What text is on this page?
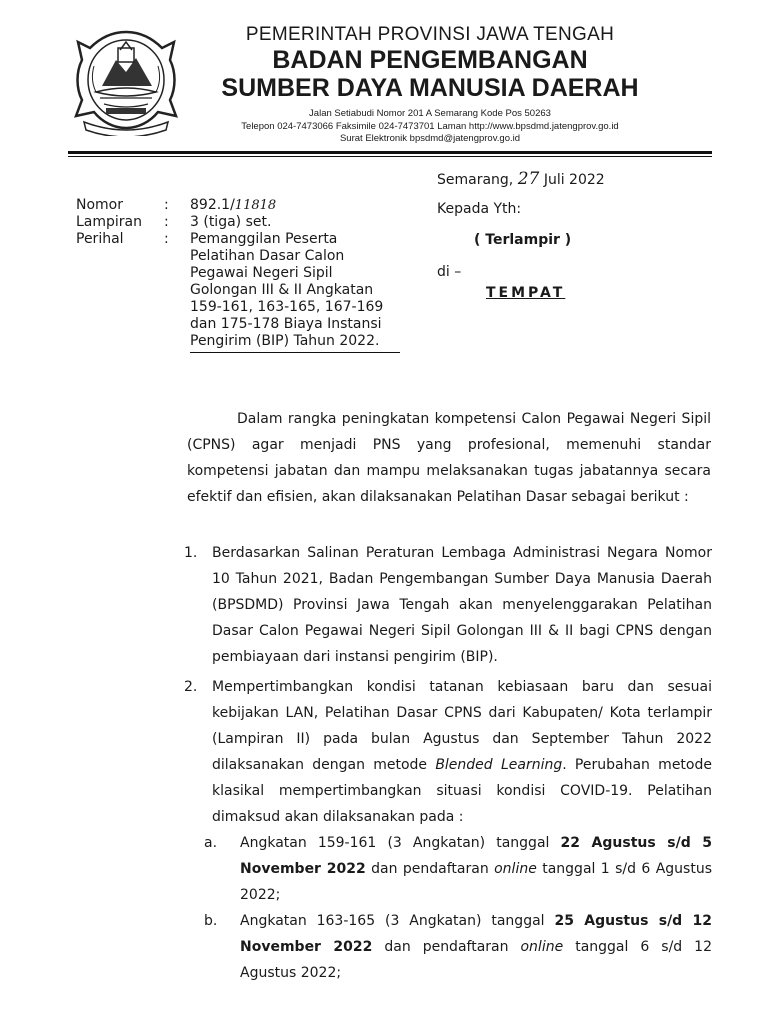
PEMERINTAH PROVINSI JAWA TENGAH
BADAN PENGEMBANGAN
SUMBER DAYA MANUSIA DAERAH
Jalan Setiabudi Nomor 201 A Semarang Kode Pos 50263
Telepon 024-7473066 Faksimile 024-7473701 Laman http://www.bpsdmd.jatengprov.go.id
Surat Elektronik bpsdmd@jatengprov.go.id
Semarang, 27 Juli 2022
Kepada Yth:
( Terlampir )
di –
TEMPAT
Nomor	:	892.1/11818
Lampiran	:	3 (tiga) set.
Perihal	:	Pemanggilan Peserta
Pelatihan Dasar Calon
Pegawai Negeri Sipil
Golongan III & II Angkatan
159-161, 163-165, 167-169
dan 175-178 Biaya Instansi
Pengirim (BIP) Tahun 2022.

Dalam rangka peningkatan kompetensi Calon Pegawai Negeri Sipil (CPNS) agar menjadi PNS yang profesional, memenuhi standar kompetensi jabatan dan mampu melaksanakan tugas jabatannya secara efektif dan efisien, akan dilaksanakan Pelatihan Dasar sebagai berikut :

1.	Berdasarkan Salinan Peraturan Lembaga Administrasi Negara Nomor 10 Tahun 2021, Badan Pengembangan Sumber Daya Manusia Daerah (BPSDMD) Provinsi Jawa Tengah akan menyelenggarakan Pelatihan Dasar Calon Pegawai Negeri Sipil Golongan III & II bagi CPNS dengan pembiayaan dari instansi pengirim (BIP).
2.	Mempertimbangkan kondisi tatanan kebiasaan baru dan sesuai kebijakan LAN, Pelatihan Dasar CPNS dari Kabupaten/ Kota terlampir (Lampiran II) pada bulan Agustus dan September Tahun 2022 dilaksanakan dengan metode Blended Learning. Perubahan metode klasikal mempertimbangkan situasi kondisi COVID-19. Pelatihan dimaksud akan dilaksanakan pada :
a.	Angkatan 159-161 (3 Angkatan) tanggal 22 Agustus s/d 5 November 2022 dan pendaftaran online tanggal 1 s/d 6 Agustus 2022;
b.	Angkatan 163-165 (3 Angkatan) tanggal 25 Agustus s/d 12 November 2022 dan pendaftaran online tanggal 6 s/d 12 Agustus 2022;
